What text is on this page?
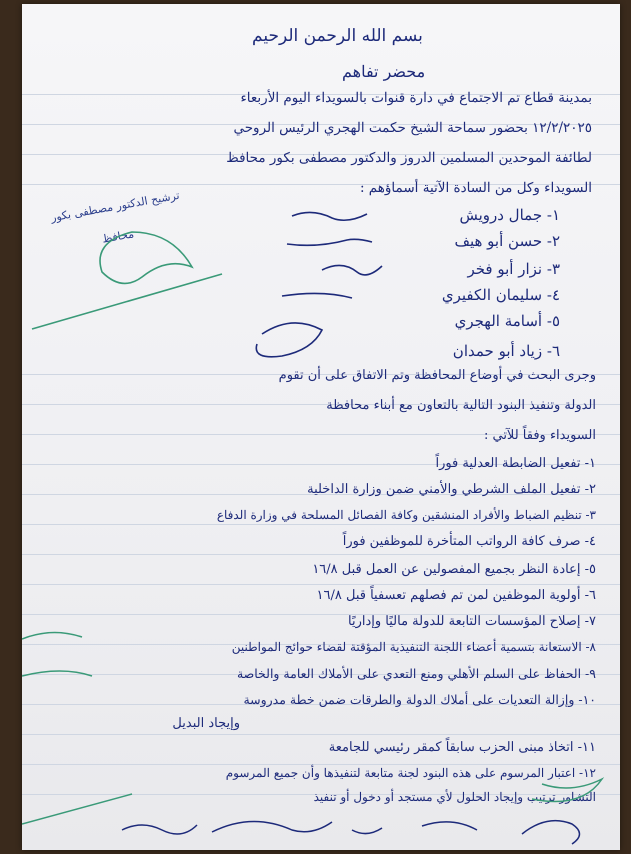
بسم الله الرحمن الرحيم
محضر تفاهم
بمدينة قطاع تم الاجتماع في دارة قنوات بالسويداء اليوم الأربعاء
١٢/٢/٢٠٢٥ بحضور سماحة الشيخ حكمت الهجري الرئيس الروحي
لطائفة الموحدين المسلمين الدروز والدكتور مصطفى بكور محافظ
السويداء وكل من السادة الآتية أسماؤهم :
١- جمال درويش
٢- حسن أبو هيف
٣- نزار أبو فخر
٤- سليمان الكفيري
٥- أسامة الهجري
٦- زياد أبو حمدان
ترشيح الدكتور مصطفى بكور
محافظ
وجرى البحث في أوضاع المحافظة وتم الاتفاق على أن تقوم
الدولة وتنفيذ البنود التالية بالتعاون مع أبناء محافظة
السويداء وفقاً للآتي :
١- تفعيل الضابطة العدلية فوراً
٢- تفعيل الملف الشرطي والأمني ضمن وزارة الداخلية
٣- تنظيم الضباط والأفراد المنشقين وكافة الفصائل المسلحة في وزارة الدفاع
٤- صرف كافة الرواتب المتأخرة للموظفين فوراً
٥- إعادة النظر بجميع المفصولين عن العمل قبل ١٦/٨
٦- أولوية الموظفين لمن تم فصلهم تعسفياً قبل ١٦/٨
٧- إصلاح المؤسسات التابعة للدولة ماليًا وإداريًا
٨- الاستعانة بتسمية أعضاء اللجنة التنفيذية المؤقتة لقضاء حوائج المواطنين
٩- الحفاظ على السلم الأهلي ومنع التعدي على الأملاك العامة والخاصة
١٠- وإزالة التعديات على أملاك الدولة والطرقات ضمن خطة مدروسة
وإيجاد البديل
١١- اتخاذ مبنى الحزب سابقاً كمقر رئيسي للجامعة
١٢- اعتبار المرسوم على هذه البنود لجنة متابعة لتنفيذها وأن جميع المرسوم
التشاور ترتيب وإيجاد الحلول لأي مستجد أو دخول أو تنفيذ
